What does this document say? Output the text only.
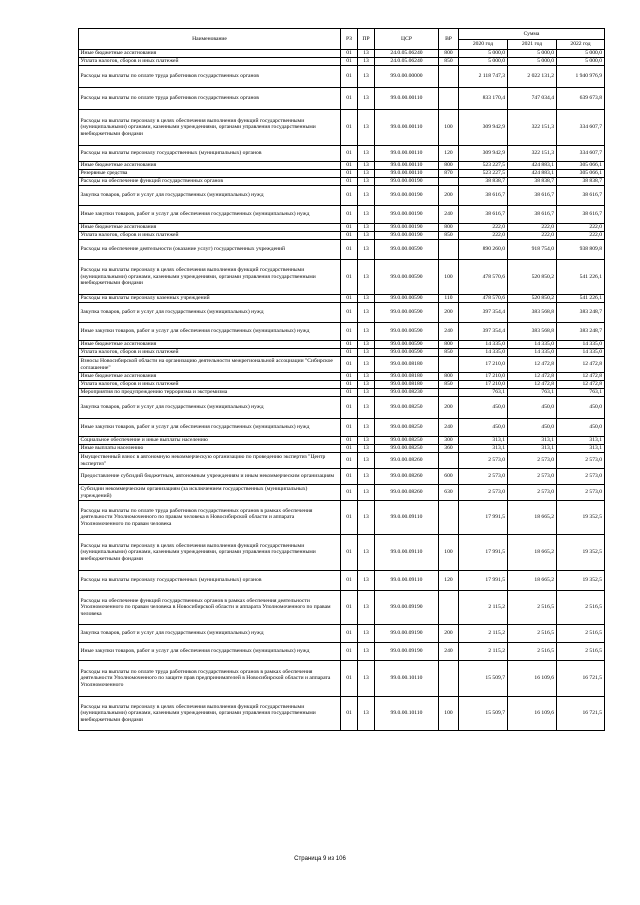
Наименование	РЗ	ПР	ЦСР	ВР	Сумма		
					2020 год	2021 год	2022 год
Иные бюджетные ассигнования	01	13	24.0.05.06240	800	5 000,0	5 000,0	5 000,0
Уплата налогов, сборов и иных платежей	01	13	24.0.05.06240	850	5 000,0	5 000,0	5 000,0
Расходы на выплаты по оплате труда работников государственных органов	01	13	99.0.00.00000		2 118 747,3	2 022 131,2	1 940 976,9
Расходы на выплаты по оплате труда работников государственных органов	01	13	99.0.00.00110		833 170,4	747 034,4	639 673,8
Расходы на выплаты персоналу в целях обеспечения выполнения функций государственными (муниципальными) органами, казенными учреждениями, органами управления государственными внебюджетными фондами	01	13	99.0.00.00110	100	309 942,9	322 151,3	334 607,7
Расходы на выплаты персоналу государственных (муниципальных) органов	01	13	99.0.00.00110	120	309 942,9	322 151,3	334 607,7
Иные бюджетные ассигнования	01	13	99.0.00.00110	800	523 227,5	424 883,1	305 066,1
Резервные средства	01	13	99.0.00.00110	870	523 227,5	424 883,1	305 066,1
Расходы на обеспечение функций государственных органов	01	13	99.0.00.00190		38 838,7	38 838,7	38 838,7
Закупка товаров, работ и услуг для государственных (муниципальных) нужд	01	13	99.0.00.00190	200	38 616,7	38 616,7	38 616,7
Иные закупки товаров, работ и услуг для обеспечения государственных (муниципальных) нужд	01	13	99.0.00.00190	240	38 616,7	38 616,7	38 616,7
Иные бюджетные ассигнования	01	13	99.0.00.00190	800	222,0	222,0	222,0
Уплата налогов, сборов и иных платежей	01	13	99.0.00.00190	850	222,0	222,0	222,0
Расходы на обеспечение деятельности (оказание услуг) государственных учреждений	01	13	99.0.00.00590		890 260,0	918 754,0	938 809,8
Расходы на выплаты персоналу в целях обеспечения выполнения функций государственными (муниципальными) органами, казенными учреждениями, органами управления государственными внебюджетными фондами	01	13	99.0.00.00590	100	478 570,6	520 850,2	541 226,1
Расходы на выплаты персоналу казенных учреждений	01	13	99.0.00.00590	110	478 570,6	520 850,2	541 226,1
Закупка товаров, работ и услуг для государственных (муниципальных) нужд	01	13	99.0.00.00590	200	397 354,4	383 568,8	383 248,7
Иные закупки товаров, работ и услуг для обеспечения государственных (муниципальных) нужд	01	13	99.0.00.00590	240	397 354,4	383 568,8	383 248,7
Иные бюджетные ассигнования	01	13	99.0.00.00590	800	14 335,0	14 335,0	14 335,0
Уплата налогов, сборов и иных платежей	01	13	99.0.00.00590	850	14 335,0	14 335,0	14 335,0
Взносы Новосибирской области на организацию деятельности межрегиональной ассоциации "Сибирское соглашение"	01	13	99.0.00.08180		17 210,0	12 472,8	12 472,8
Иные бюджетные ассигнования	01	13	99.0.00.08180	800	17 210,0	12 472,8	12 472,8
Уплата налогов, сборов и иных платежей	01	13	99.0.00.08180	850	17 210,0	12 472,8	12 472,8
Мероприятия по предупреждению терроризма и экстремизма	01	13	99.0.00.08230		763,1	763,1	763,1
Закупка товаров, работ и услуг для государственных (муниципальных) нужд	01	13	99.0.00.08250	200	450,0	450,0	450,0
Иные закупки товаров, работ и услуг для обеспечения государственных (муниципальных) нужд	01	13	99.0.00.08250	240	450,0	450,0	450,0
Социальное обеспечение и иные выплаты населению	01	13	99.0.00.08250	300	313,1	313,1	313,1
Иные выплаты населению	01	13	99.0.00.08250	360	313,1	313,1	313,1
Имущественный взнос в автономную некоммерческую организацию по проведению экспертиз "Центр экспертиз"	01	13	99.0.00.08260		2 573,0	2 573,0	2 573,0
Предоставление субсидий бюджетным, автономным учреждениям и иным некоммерческим организациям	01	13	99.0.00.08260	600	2 573,0	2 573,0	2 573,0
Субсидии некоммерческим организациям (за исключением государственных (муниципальных) учреждений)	01	13	99.0.00.08260	630	2 573,0	2 573,0	2 573,0
Расходы на выплаты по оплате труда работников государственных органов в рамках обеспечения деятельности Уполномоченного по правам человека в Новосибирской области и аппарата Уполномоченного по правам человека	01	13	99.0.00.09110		17 991,5	18 665,2	19 352,5
Расходы на выплаты персоналу в целях обеспечения выполнения функций государственными (муниципальными) органами, казенными учреждениями, органами управления государственными внебюджетными фондами	01	13	99.0.00.09110	100	17 991,5	18 665,2	19 352,5
Расходы на выплаты персоналу государственных (муниципальных) органов	01	13	99.0.00.09110	120	17 991,5	18 665,2	19 352,5
Расходы на обеспечение функций государственных органов в рамках обеспечения деятельности Уполномоченного по правам человека в Новосибирской области и аппарата Уполномоченного по правам человека	01	13	99.0.00.09190		2 115,2	2 516,5	2 516,5
Закупка товаров, работ и услуг для государственных (муниципальных) нужд	01	13	99.0.00.09190	200	2 115,2	2 516,5	2 516,5
Иные закупки товаров, работ и услуг для обеспечения государственных (муниципальных) нужд	01	13	99.0.00.09190	240	2 115,2	2 516,5	2 516,5
Расходы на выплаты по оплате труда работников государственных органов в рамках обеспечения деятельности Уполномоченного по защите прав предпринимателей в Новосибирской области и аппарата Уполномоченного	01	13	99.0.00.10110		15 509,7	16 109,6	16 721,5
Расходы на выплаты персоналу в целях обеспечения выполнения функций государственными (муниципальными) органами, казенными учреждениями, органами управления государственными внебюджетными фондами	01	13	99.0.00.10110	100	15 509,7	16 109,6	16 721,5
Страница 9 из 106
